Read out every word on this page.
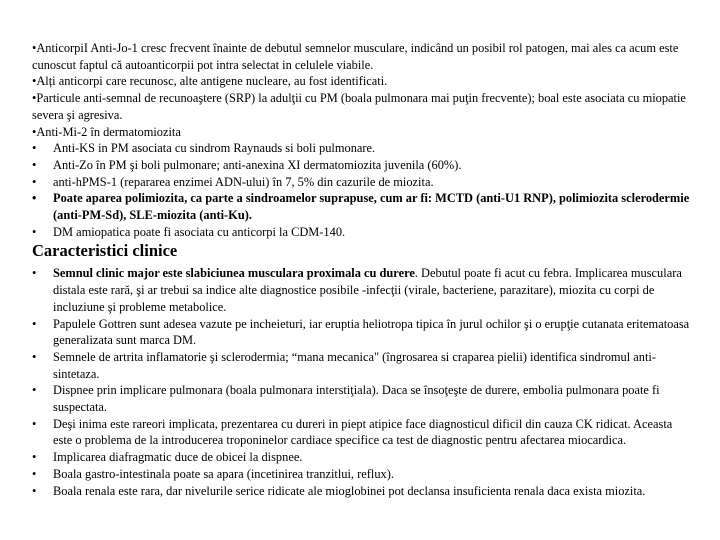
•AnticorpiI Anti-Jo-1 cresc frecvent înainte de debutul semnelor musculare, indicând un posibil rol patogen, mai ales ca acum este cunoscut faptul că autoanticorpii pot intra selectat in celulele viabile.

•Alți anticorpi care recunosc, alte antigene nucleare, au fost identificati.

•Particule anti-semnal de recunoaştere (SRP) la adulţii cu PM (boala pulmonara mai puţin frecvente); boal este asociata cu miopatie severa şi agresiva.

•Anti-Mi-2 în dermatomiozita

• Anti-KS in PM asociata cu sindrom Raynauds si boli pulmonare.
• Anti-Zo în PM şi boli pulmonare; anti-anexina XI dermatomiozita juvenila (60%).
• anti-hPMS-1 (repararea enzimei ADN-ului) în 7, 5% din cazurile de miozita.
• Poate aparea polimiozita, ca parte a sindroamelor suprapuse, cum ar fi: MCTD (anti-U1 RNP), polimiozita sclerodermie (anti-PM-Sd), SLE-miozita (anti-Ku).
• DM amiopatica poate fi asociata cu anticorpi la CDM-140.
Caracteristici clinice
• Semnul clinic major este slabiciunea musculara proximala cu durere. Debutul poate fi acut cu febra. Implicarea musculara distala este rară, şi ar trebui sa indice alte diagnostice posibile -infecţii (virale, bacteriene, parazitare), miozita cu corpi de incluziune şi probleme metabolice.
• Papulele Gottren sunt adesea vazute pe incheieturi, iar eruptia heliotropa tipica în jurul ochilor şi o erupţie cutanata eritematoasa generalizata sunt marca DM.
• Semnele de artrita inflamatorie şi sclerodermia; “mana mecanica" (îngrosarea si craparea pielii) identifica sindromul anti-sintetaza.
• Dispnee prin implicare pulmonara (boala pulmonara interstiţiala). Daca se însoţeşte de durere, embolia pulmonara poate fi suspectata.
• Deşi inima este rareori implicata, prezentarea cu dureri in piept atipice face diagnosticul dificil din cauza CK ridicat. Aceasta este o problema de la introducerea troponinelor cardiace specifice ca test de diagnostic pentru afectarea miocardica.
• Implicarea diafragmatic duce de obicei la dispnee.
• Boala gastro-intestinala poate sa apara (incetinirea tranzitlui, reflux).
• Boala renala este rara, dar nivelurile serice ridicate ale mioglobinei pot declansa insuficienta renala daca exista miozita.
